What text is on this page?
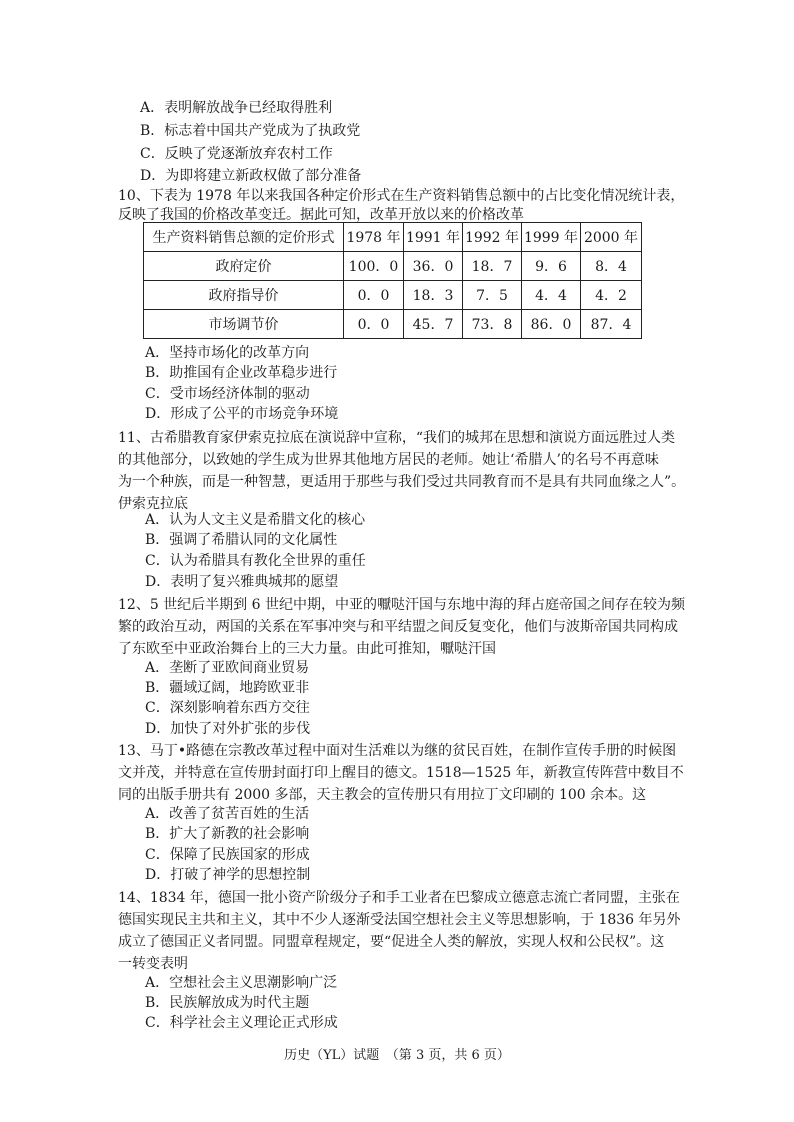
A．表明解放战争已经取得胜利
B．标志着中国共产党成为了执政党
C．反映了党逐渐放弃农村工作
D．为即将建立新政权做了部分准备
10、下表为 1978 年以来我国各种定价形式在生产资料销售总额中的占比变化情况统计表，
反映了我国的价格改革变迁。据此可知，改革开放以来的价格改革
生产资料销售总额的定价形式	1978 年	1991 年	1992 年	1999 年	2000 年
政府定价	100．0	36．0	18．7	9．6	8．4
政府指导价	0．0	18．3	7．5	4．4	4．2
市场调节价	0．0	45．7	73．8	86．0	87．4
A．坚持市场化的改革方向
B．助推国有企业改革稳步进行
C．受市场经济体制的驱动
D．形成了公平的市场竞争环境
11、古希腊教育家伊索克拉底在演说辞中宣称，“我们的城邦在思想和演说方面远胜过人类
的其他部分，以致她的学生成为世界其他地方居民的老师。她让‘希腊人’的名号不再意味
为一个种族，而是一种智慧，更适用于那些与我们受过共同教育而不是具有共同血缘之人”。
伊索克拉底
A．认为人文主义是希腊文化的核心
B．强调了希腊认同的文化属性
C．认为希腊具有教化全世界的重任
D．表明了复兴雅典城邦的愿望
12、5 世纪后半期到 6 世纪中期，中亚的嚈哒汗国与东地中海的拜占庭帝国之间存在较为频
繁的政治互动，两国的关系在军事冲突与和平结盟之间反复变化，他们与波斯帝国共同构成
了东欧至中亚政治舞台上的三大力量。由此可推知，嚈哒汗国
A．垄断了亚欧间商业贸易
B．疆域辽阔，地跨欧亚非
C．深刻影响着东西方交往
D．加快了对外扩张的步伐
13、马丁•路德在宗教改革过程中面对生活难以为继的贫民百姓，在制作宣传手册的时候图
文并茂，并特意在宣传册封面打印上醒目的德文。1518—1525 年，新教宣传阵营中数目不
同的出版手册共有 2000 多部，天主教会的宣传册只有用拉丁文印刷的 100 余本。这
A．改善了贫苦百姓的生活
B．扩大了新教的社会影响
C．保障了民族国家的形成
D．打破了神学的思想控制
14、1834 年，德国一批小资产阶级分子和手工业者在巴黎成立德意志流亡者同盟，主张在
德国实现民主共和主义，其中不少人逐渐受法国空想社会主义等思想影响，于 1836 年另外
成立了德国正义者同盟。同盟章程规定，要“促进全人类的解放，实现人权和公民权”。这
一转变表明
A．空想社会主义思潮影响广泛
B．民族解放成为时代主题
C．科学社会主义理论正式形成
历史（YL）试题　（第 3 页，共 6 页）
